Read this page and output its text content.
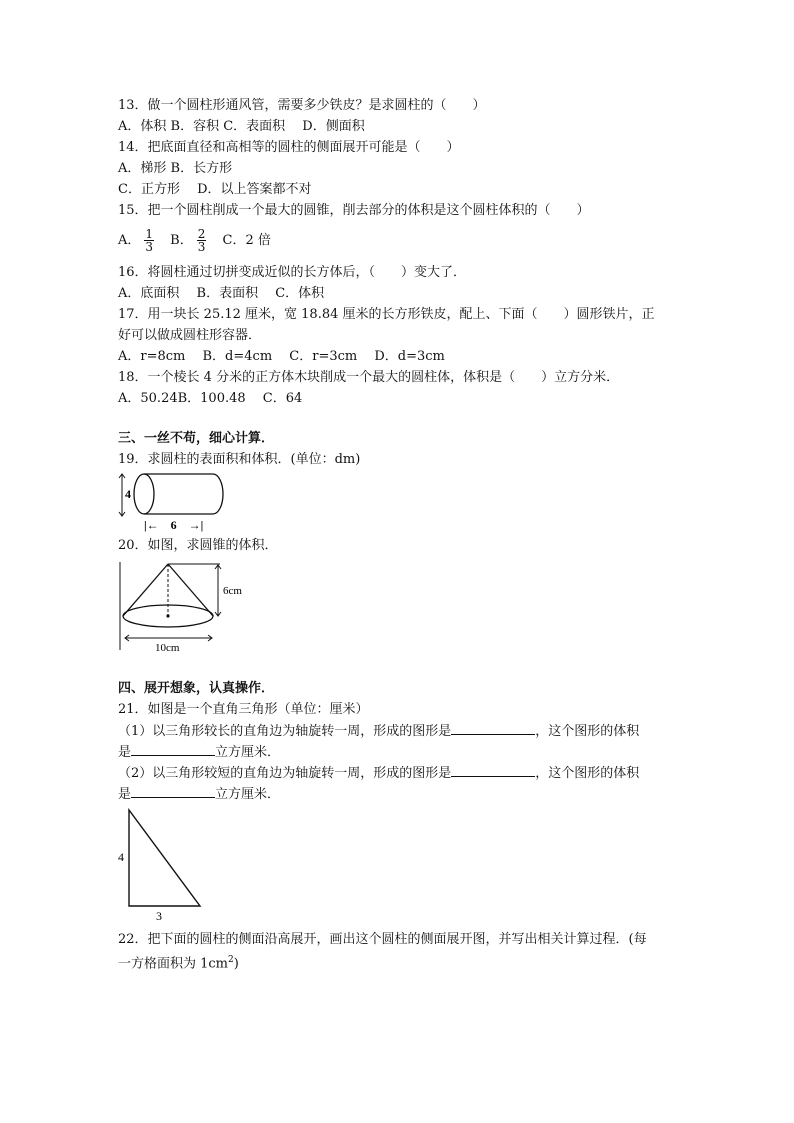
13．做一个圆柱形通风管，需要多少铁皮？是求圆柱的（　　）
A．体积 B．容积 C．表面积　 D．侧面积
14．把底面直径和高相等的圆柱的侧面展开可能是（　　）
A．梯形 B．长方形
C．正方形　 D．以上答案都不对
15．把一个圆柱削成一个最大的圆锥，削去部分的体积是这个圆柱体积的（　　）
A． $\frac{1}{3}$ B． $\frac{2}{3}$ C．2 倍
16．将圆柱通过切拼变成近似的长方体后，（　　）变大了．
A．底面积　 B．表面积　 C．体积
17．用一块长 25.12 厘米，宽 18.84 厘米的长方形铁皮，配上、下面（　　）圆形铁片，正
好可以做成圆柱形容器．
A．r=8cm　 B．d=4cm　 C．r=3cm　 D．d=3cm
18．一个棱长 4 分米的正方体木块削成一个最大的圆柱体，体积是（　　）立方分米．
A．50.24B．100.48　 C．64
三、一丝不苟，细心计算．
19．求圆柱的表面积和体积．(单位：dm)
4
|←　6　→|
20．如图，求圆锥的体积．
6cm
10cm
四、展开想象，认真操作．
21．如图是一个直角三角形（单位：厘米）
（1）以三角形较长的直角边为轴旋转一周，形成的图形是	，这个图形的体积
是	立方厘米．
（2）以三角形较短的直角边为轴旋转一周，形成的图形是	，这个图形的体积
是	立方厘米．
4
3
22．把下面的圆柱的侧面沿高展开，画出这个圆柱的侧面展开图，并写出相关计算过程．(每
一方格面积为 $1cm^2$)
